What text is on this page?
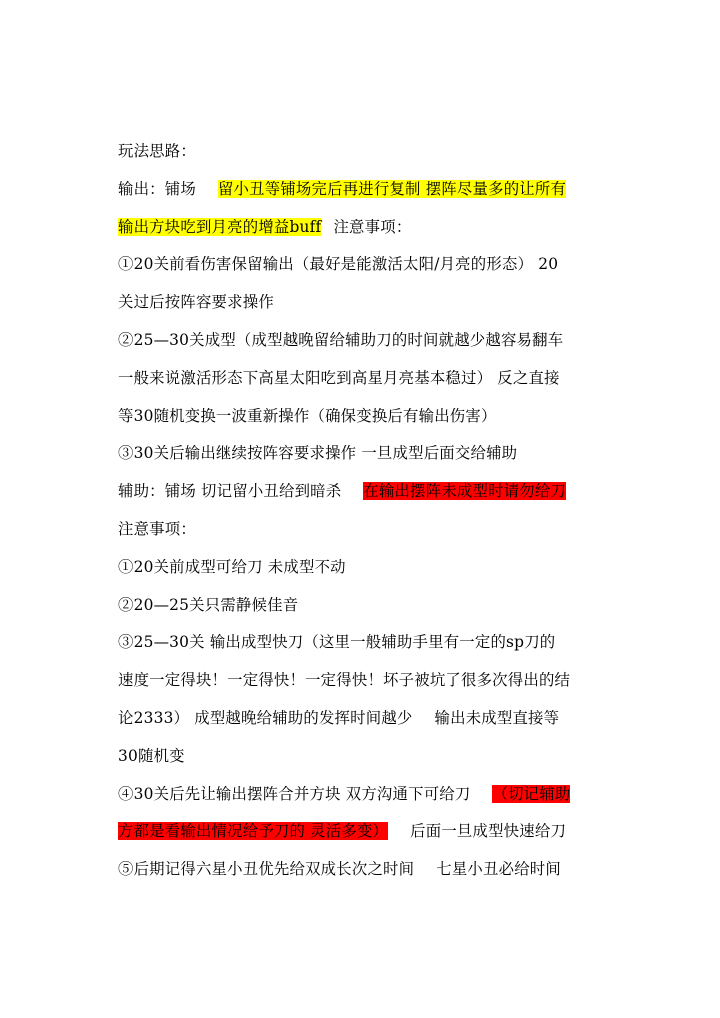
玩法思路：
输出：铺场 留小丑等铺场完后再进行复制 摆阵尽量多的让所有
输出方块吃到月亮的增益buff 注意事项：
①20关前看伤害保留输出（最好是能激活太阳/月亮的形态） 20
关过后按阵容要求操作
②25—30关成型（成型越晚留给辅助刀的时间就越少越容易翻车
一般来说激活形态下高星太阳吃到高星月亮基本稳过） 反之直接
等30随机变换一波重新操作（确保变换后有输出伤害）
③30关后输出继续按阵容要求操作 一旦成型后面交给辅助
辅助：铺场 切记留小丑给到暗杀 在输出摆阵未成型时请勿给刀
注意事项：
①20关前成型可给刀 未成型不动
②20—25关只需静候佳音
③25—30关 输出成型快刀（这里一般辅助手里有一定的sp刀的
速度一定得块！一定得快！一定得快！坏子被坑了很多次得出的结
论2333） 成型越晚给辅助的发挥时间越少 输出未成型直接等
30随机变
④30关后先让输出摆阵合并方块 双方沟通下可给刀 （切记辅助
方都是看输出情况给予刀的 灵活多变） 后面一旦成型快速给刀
⑤后期记得六星小丑优先给双成长次之时间 七星小丑必给时间
